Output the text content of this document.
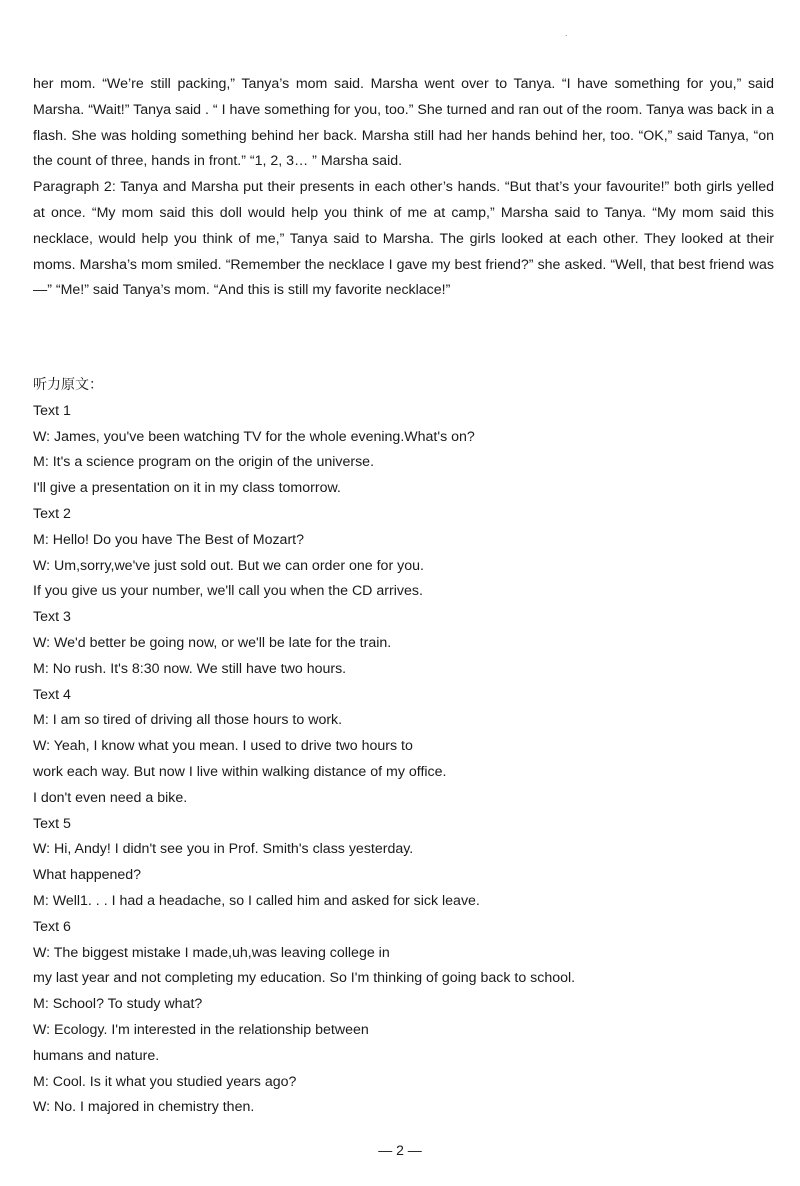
.

her mom. “We’re still packing,” Tanya’s mom said. Marsha went over to Tanya. “I have something for you,” said Marsha. “Wait!” Tanya said . “ I have something for you, too.” She turned and ran out of the room. Tanya was back in a flash. She was holding something behind her back. Marsha still had her hands behind her, too. “OK,” said Tanya, “on the count of three, hands in front.” “1, 2, 3… ” Marsha said.

Paragraph 2: Tanya and Marsha put their presents in each other’s hands. “But that’s your favourite!” both girls yelled at once. “My mom said this doll would help you think of me at camp,” Marsha said to Tanya. “My mom said this necklace, would help you think of me,” Tanya said to Marsha. The girls looked at each other. They looked at their moms. Marsha’s mom smiled. “Remember the necklace I gave my best friend?” she asked. “Well, that best friend was—” “Me!” said Tanya’s mom. “And this is still my favorite necklace!”

听力原文：
Text 1
W: James, you've been watching TV for the whole evening.What's on?
M: It's a science program on the origin of the universe.
I'll give a presentation on it in my class tomorrow.
Text 2
M: Hello! Do you have The Best of Mozart?
W: Um,sorry,we've just sold out. But we can order one for you.
If you give us your number, we'll call you when the CD arrives.
Text 3
W: We'd better be going now, or we'll be late for the train.
M: No rush. It's 8:30 now. We still have two hours.
Text 4
M: I am so tired of driving all those hours to work.
W: Yeah, I know what you mean. I used to drive two hours to
work each way. But now I live within walking distance of my office.
I don't even need a bike.
Text 5
W: Hi, Andy! I didn't see you in Prof. Smith's class yesterday.
What happened?
M: Well1. . . I had a headache, so I called him and asked for sick leave.
Text 6
W: The biggest mistake I made,uh,was leaving college in
my last year and not completing my education. So I'm thinking of going back to school.
M: School? To study what?
W: Ecology. I'm interested in the relationship between
humans and nature.
M: Cool. Is it what you studied years ago?
W: No. I majored in chemistry then.
— 2 —
